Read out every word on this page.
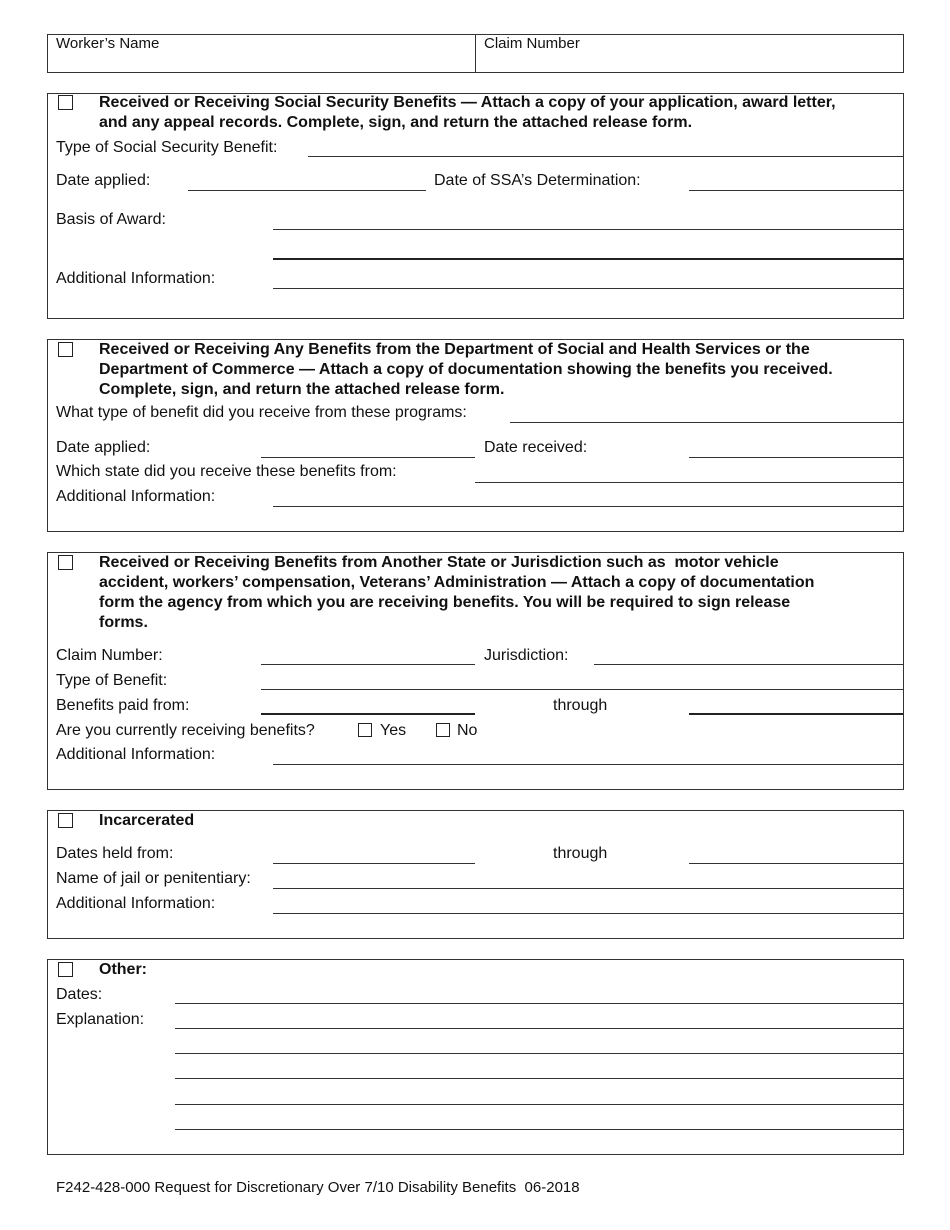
Worker’s Name	Claim Number
Received or Receiving Social Security Benefits — Attach a copy of your application, award letter,
and any appeal records. Complete, sign, and return the attached release form.
Type of Social Security Benefit:
Date applied:	Date of SSA’s Determination:
Basis of Award:
Additional Information:
Received or Receiving Any Benefits from the Department of Social and Health Services or the
Department of Commerce — Attach a copy of documentation showing the benefits you received.
Complete, sign, and return the attached release form.
What type of benefit did you receive from these programs:
Date applied:	Date received:
Which state did you receive these benefits from:
Additional Information:
Received or Receiving Benefits from Another State or Jurisdiction such as  motor vehicle
accident, workers’ compensation, Veterans’ Administration — Attach a copy of documentation
form the agency from which you are receiving benefits. You will be required to sign release
forms.
Claim Number:	Jurisdiction:
Type of Benefit:
Benefits paid from:	through
Are you currently receiving benefits?	Yes	No
Additional Information:
Incarcerated
Dates held from:	through
Name of jail or penitentiary:
Additional Information:
Other:
Dates:
Explanation:
F242-428-000 Request for Discretionary Over 7/10 Disability Benefits  06-2018
